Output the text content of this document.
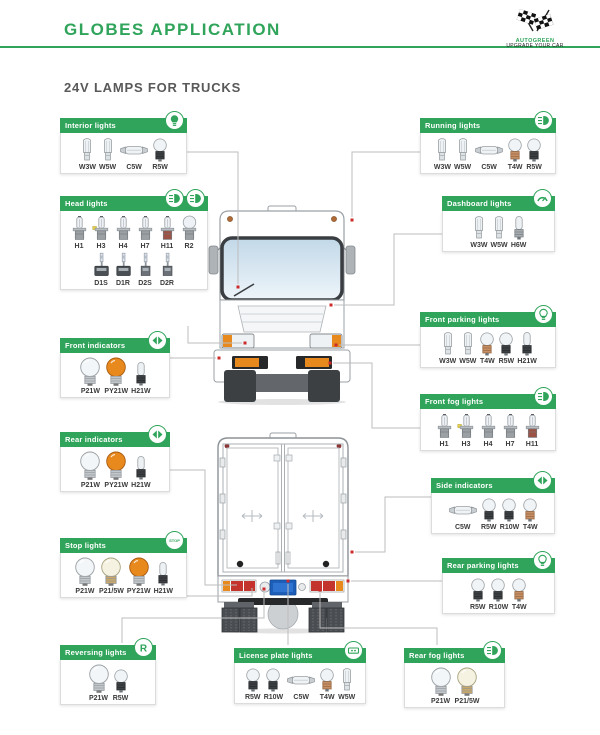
GLOBES APPLICATION
AUTOGREEN
UPGRADE YOUR CAR
24V LAMPS FOR TRUCKS
Interior lights
W3W W5W C5W R5W
Head lights
H1 H3 H4 H7 H11 R2
D1S D1R D2S D2R
Front indicators
P21W PY21W H21W
Rear indicators
P21W PY21W H21W
Stop lights
STOP
P21W P21/5W PY21W H21W
Reversing lights	R
P21W R5W
Running lights
W3W W5W C5W T4W R5W
Dashboard lights
W3W W5W H6W
Front parking lights
W3W W5W T4W R5W H21W
Front fog lights
H1 H3 H4 H7 H11
Side indicators
C5W R5W R10W T4W
Rear parking lights
R5W R10W T4W
License plate lights
R5W R10W C5W T4W W5W
Rear fog lights
P21W P21/5W
